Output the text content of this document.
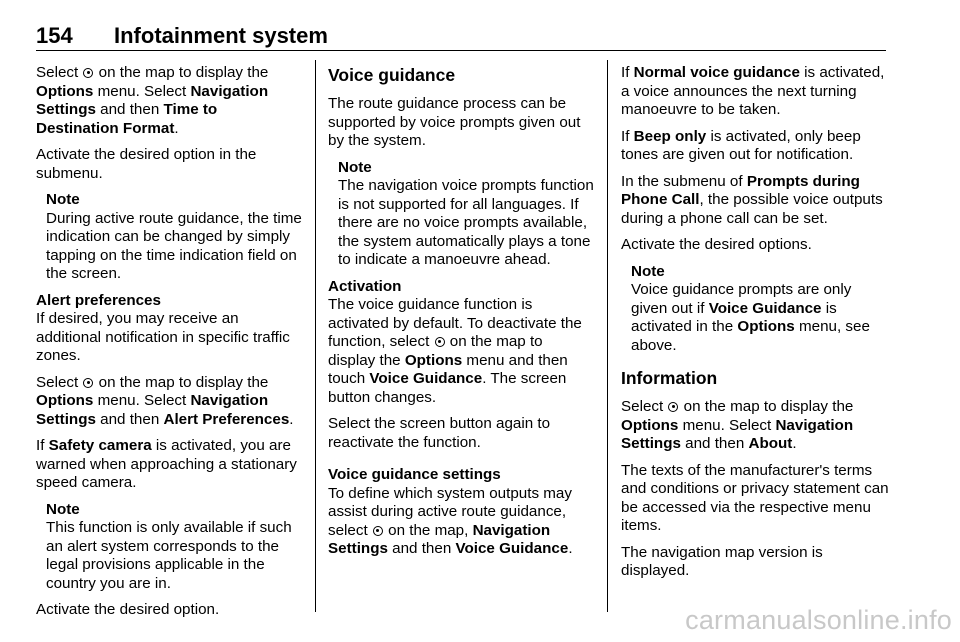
154	Infotainment system

Select  on the map to display the Options menu. Select Navigation Settings and then Time to Destination Format.

Activate the desired option in the submenu.

Note
During active route guidance, the time indication can be changed by simply tapping on the time indication field on the screen.

Alert preferences

If desired, you may receive an additional notification in specific traffic zones.

Select  on the map to display the Options menu. Select Navigation Settings and then Alert Preferences.

If Safety camera is activated, you are warned when approaching a stationary speed camera.

Note
This function is only available if such an alert system corresponds to the legal provisions applicable in the country you are in.

Activate the desired option.

Voice guidance

The route guidance process can be supported by voice prompts given out by the system.

Note
The navigation voice prompts function is not supported for all languages. If there are no voice prompts available, the system automatically plays a tone to indicate a manoeuvre ahead.

Activation

The voice guidance function is activated by default. To deactivate the function, select  on the map to display the Options menu and then touch Voice Guidance. The screen button changes.

Select the screen button again to reactivate the function.

Voice guidance settings

To define which system outputs may assist during active route guidance, select  on the map, Navigation Settings and then Voice Guidance.

If Normal voice guidance is activated, a voice announces the next turning manoeuvre to be taken.

If Beep only is activated, only beep tones are given out for notification.

In the submenu of Prompts during Phone Call, the possible voice outputs during a phone call can be set.

Activate the desired options.

Note
Voice guidance prompts are only given out if Voice Guidance is activated in the Options menu, see above.
Information

Select  on the map to display the Options menu. Select Navigation Settings and then About.

The texts of the manufacturer's terms and conditions or privacy statement can be accessed via the respective menu items.

The navigation map version is displayed.

carmanualsonline.info
